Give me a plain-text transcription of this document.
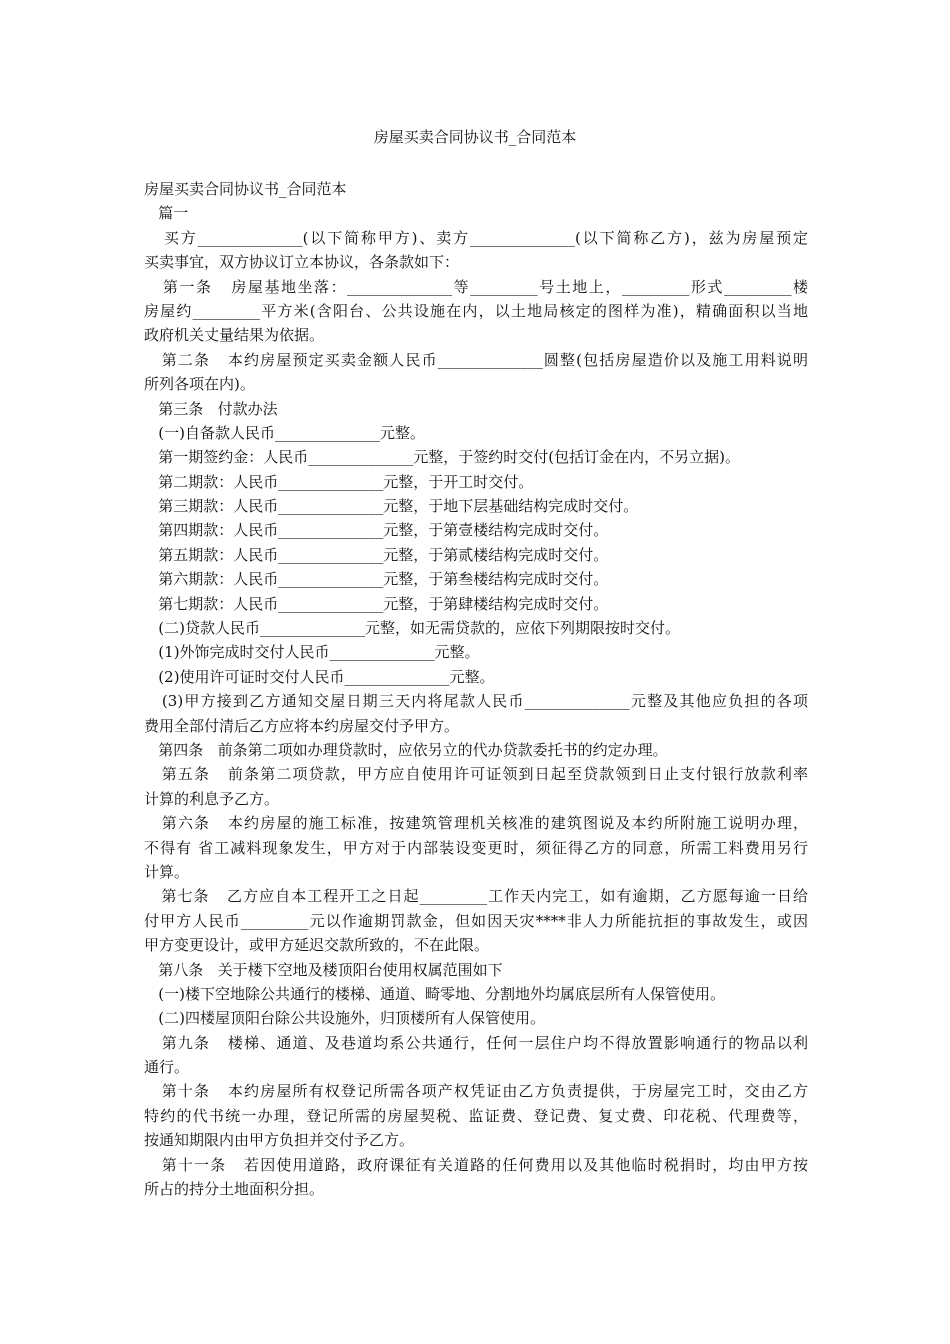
房屋买卖合同协议书_合同范本
房屋买卖合同协议书_合同范本
篇一
买方______________(以下简称甲方)、卖方______________(以下简称乙方)，兹为房屋预定
买卖事宜，双方协议订立本协议，各条款如下：
第一条   房屋基地坐落：______________等_________号土地上，_________形式_________楼
房屋约_________平方米(含阳台、公共设施在内，以土地局核定的图样为准)，精确面积以当地
政府机关丈量结果为依据。
第二条   本约房屋预定买卖金额人民币______________圆整(包括房屋造价以及施工用料说明
所列各项在内)。
第三条   付款办法
(一)自备款人民币______________元整。
第一期签约金：人民币______________元整，于签约时交付(包括订金在内，不另立据)。
第二期款：人民币______________元整，于开工时交付。
第三期款：人民币______________元整，于地下层基础结构完成时交付。
第四期款：人民币______________元整，于第壹楼结构完成时交付。
第五期款：人民币______________元整，于第贰楼结构完成时交付。
第六期款：人民币______________元整，于第叁楼结构完成时交付。
第七期款：人民币______________元整，于第肆楼结构完成时交付。
(二)贷款人民币______________元整，如无需贷款的，应依下列期限按时交付。
(1)外饰完成时交付人民币______________元整。
(2)使用许可证时交付人民币______________元整。
(3)甲方接到乙方通知交屋日期三天内将尾款人民币______________元整及其他应负担的各项
费用全部付清后乙方应将本约房屋交付予甲方。
第四条   前条第二项如办理贷款时，应依另立的代办贷款委托书的约定办理。
第五条   前条第二项贷款，甲方应自使用许可证领到日起至贷款领到日止支付银行放款利率
计算的利息予乙方。
第六条   本约房屋的施工标准，按建筑管理机关核准的建筑图说及本约所附施工说明办理，
不得有 省工减料现象发生，甲方对于内部装设变更时，须征得乙方的同意，所需工料费用另行
计算。
第七条   乙方应自本工程开工之日起_________工作天内完工，如有逾期，乙方愿每逾一日给
付甲方人民币_________元以作逾期罚款金，但如因天灾****非人力所能抗拒的事故发生，或因
甲方变更设计，或甲方延迟交款所致的，不在此限。
第八条   关于楼下空地及楼顶阳台使用权属范围如下
(一)楼下空地除公共通行的楼梯、通道、畸零地、分割地外均属底层所有人保管使用。
(二)四楼屋顶阳台除公共设施外，归顶楼所有人保管使用。
第九条   楼梯、通道、及巷道均系公共通行，任何一层住户均不得放置影响通行的物品以利
通行。
第十条   本约房屋所有权登记所需各项产权凭证由乙方负责提供，于房屋完工时，交由乙方
特约的代书统一办理，登记所需的房屋契税、监证费、登记费、复丈费、印花税、代理费等，
按通知期限内由甲方负担并交付予乙方。
第十一条   若因使用道路，政府课征有关道路的任何费用以及其他临时税捐时，均由甲方按
所占的持分土地面积分担。
